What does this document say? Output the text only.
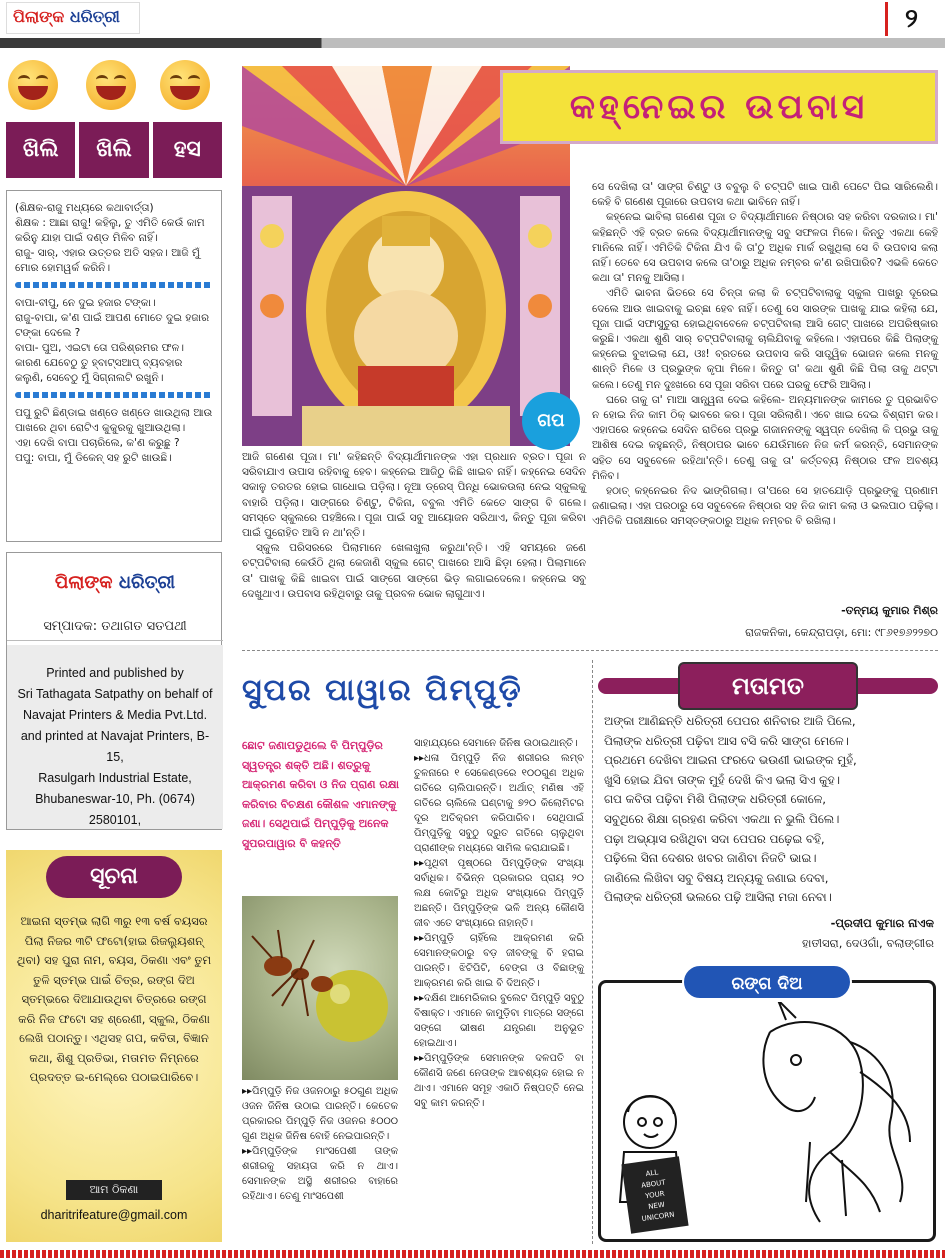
ପିଲାଙ୍କ ଧରିତ୍ରୀ	୨
ଖିଲି	ଖିଲି	ହସ

(ଶିକ୍ଷକ-ରାଜୁ ମଧ୍ୟରେ କଥାବାର୍ତ୍ତା)

ଶିକ୍ଷକ : ଆଛା ରାଜୁ! କହିଲୁ, ତୁ ଏମିତି କେଉଁ କାମ କରିନୁ ଯାହା ପାଇଁ ଦଣ୍ଡ ମିଳିବ ନାହିଁ।

ରାଜୁ- ସାର୍, ଏହାର ଉତ୍ତର ଅତି ସହଜ। ଆଜି ମୁଁ ମୋର ହୋମୱର୍କ କରିନି।

ବାପା-ବୀପୁ, ନେ ଦୁଇ ହଜାର ଟଙ୍କା।

ରାଜୁ-ବାପା, କ'ଣ ପାଇଁ ଆପଣ ମୋତେ ଦୁଇ ହଜାର ଟଙ୍କା ଦେଲେ ?

ବାପା- ପୁଅ, ଏଇଟା ତୋ ପରିଶ୍ରମର ଫଳ। କାରଣ ଯେବେଠୁ ତୁ ହ୍ବାଟ୍‌ସଆପ୍ ବ୍ୟବହାର କଲୁଣି, ସେବେଠୁ ମୁଁ ସିଗ୍ନାଲଟି ରଖୁନି।

ପପୁ ରୁଟି ଛିଣ୍ଡାଇ ଖଣ୍ଡେ ଖଣ୍ଡେ ଖାଉଥିଲା ଆଉ ପାଖରେ ଥିବା ରୋଟିଏ କୁକୁରକୁ ଖୁଆଉଥିଲା।

ଏହା ଦେଖି ବାପା ପଚାରିଲେ, କ'ଣ କରୁଛୁ ?

ପପୁ: ବାପା, ମୁଁ ଡିକେନ୍ ସହ ରୁଟି ଖାଉଛି।

ପିଲାଙ୍କ ଧରିତ୍ରୀ
ସମ୍ପାଦକ: ତଥାଗତ ସତପଥୀ
Printed and published by
Sri Tathagata Satpathy on behalf of
Navajat Printers & Media Pvt.Ltd.
and printed at Navajat Printers, B-15,
Rasulgarh Industrial Estate,
Bhubaneswar-10, Ph. (0674) 2580101,
ସୂଚନା
ଆଇନା ସ୍ତମ୍ଭ ଲାଗି ୩ରୁ ୧୩ ବର୍ଷ ବୟସର ପିଲା ନିଜର ୩ଟି ଫଟୋ(ହାଇ ରିଜଲ୍ୟୁଶନ୍ ଥିବା) ସହ ପୁରା ନାମ, ବୟସ, ଠିକଣା ଏବଂ ତୁମ ତୁଳି ସ୍ତମ୍ଭ ପାଇଁ ଚିତ୍ର, ରଙ୍ଗ ଦିଅ ସ୍ତମ୍ଭରେ ଦିଆଯାଉଥିବା ଚିତ୍ରରେ ରଙ୍ଗ କରି ନିଜ ଫଟୋ ସହ ଶ୍ରେଣୀ, ସ୍କୁଲ, ଠିକଣା ଲେଖି ପଠାନ୍ତୁ। ଏଥିସହ ଗପ, କବିତା, ବିଜ୍ଞାନ କଥା, ଶିଶୁ ପ୍ରତିଭା, ମତାମତ ନିମ୍ନରେ ପ୍ରଦତ୍ତ ଇ-ମେଲ୍‌ରେ ପଠାଇପାରିବେ।
ଆମ ଠିକଣା
dharitrifeature@gmail.com
କହ୍ନେଇର ଉପବାସ
ଗପ

ଆଜି ଗଣେଶ ପୂଜା। ମା' କହିଛନ୍ତି ବିଦ୍ୟାର୍ଥୀମାନଙ୍କ ଏହା ପ୍ରଧାନ ବ୍ରତ। ପୂଜା ନ ସରିବାଯାଏ ଉପାସ ରହିବାକୁ ହେବ। କହ୍ନେଇ ଆଜିଠୁ କିଛି ଖାଇବ ନାହିଁ। କହ୍ନେଇ ସେଦିନ ସକାଳୁ ତରତର ହୋଇ ଗାଧୋଇ ପଡ଼ିଲା। ନୂଆ ଡ୍ରେସ୍ ପିନ୍ଧି ଭୋକଉଲା ନେଇ ସ୍କୁଲକୁ ବାହାରି ପଡ଼ିଲା। ସାଙ୍ଗରେ ଚିଣ୍ଟୁ, ଟିକିନା, ବବୁଲ ଏମିତି କେତେ ସାଙ୍ଗ ବି ଗଲେ। ସମସ୍ତେ ସ୍କୁଲରେ ପହଞ୍ଚିଲେ। ପୂଜା ପାଇଁ ସବୁ ଆୟୋଜନ ସରିଥାଏ, କିନ୍ତୁ ପୂଜା କରିବା ପାଇଁ ପୁରୋହିତ ଆସି ନ ଥା'ନ୍ତି।

ସ୍କୁଲ ପରିସରରେ ପିଲାମାନେ ଖେଳାଖୁଲା କରୁଥା'ନ୍ତି। ଏହି ସମୟରେ ଜଣେ ଚଟ୍‌ପଟିବାଲା କେଉଁଠି ଥିଲା କେଜାଣି ସ୍କୁଲ ଗେଟ୍ ପାଖରେ ଆସି ଛିଡ଼ା ହେଲା। ପିଲାମାନେ ତା' ପାଖକୁ କିଛି ଖାଇବା ପାଇଁ ସାଙ୍ଗେ ସାଙ୍ଗେ ଭିଡ଼ ଲଗାଇଦେଲେ। କହ୍ନେଇ ସବୁ ଦେଖୁଥାଏ। ଉପବାସ ରହିଥିବାରୁ ତାକୁ ପ୍ରବଳ ଭୋକ ଲାଗୁଥାଏ।

ସେ ଦେଖିଲା ତା' ସାଙ୍ଗ ଚିଣ୍ଟୁ ଓ ବବୁଲୁ ବି ଚଟ୍‌ପଟି ଖାଇ ପାଣି ପେଟେ ପିଇ ସାରିଲେଣି। କେହି ବି ଗଣେଶ ପୂଜାରେ ଉପବାସ କଥା ଭାବିନେ ନାହିଁ।

କହ୍ନେଇ ଭାବିଲା ଗଣେଶ ପୂଜା ତ ବିଦ୍ୟାର୍ଥୀମାନେ ନିଷ୍ଠାର ସହ କରିବା ଦରକାର। ମା' କହିଛନ୍ତି ଏହି ବ୍ରତ କଲେ ବିଦ୍ୟାର୍ଥୀମାନଙ୍କୁ ସବୁ ସଫଳତା ମିଳେ। କିନ୍ତୁ ଏକଥା କେହି ମାନିଲେ ନାହିଁ। ଏମିତିକି ଟିକିନା ଯିଏ କି ତା'ଠୁ ଅଧିକ ମାର୍କ ରଖୁଥିଲା ସେ ବି ଉପବାସ କଲା ନାହିଁ। ତେବେ ସେ ଉପବାସ କଲେ ତା'ଠାରୁ ଅଧିକ ନମ୍ବର କ'ଣ ରଖିପାରିବ? ଏଭଳି କେତେ କଥା ତା' ମନକୁ ଆସିଲା।

ଏମିତି ଭାବନା ଭିତରେ ସେ ଚିନ୍ତା କଲା କି ଚଟ୍‌ପଟିବାଲାକୁ ସ୍କୁଲ ପାଖରୁ ଦୂରେଇ ଦେଲେ ଆଉ ଖାଇବାକୁ ଇଚ୍ଛା ହେବ ନାହିଁ। ତେଣୁ ସେ ସାରଙ୍କ ପାଖକୁ ଯାଇ କହିଲା ଯେ, ପୂଜା ପାଇଁ ସଫାସୁତୁରା ହୋଇଥିବାବେଳେ ଚଟ୍‌ପଟିବାଲା ଆସି ଗେଟ୍ ପାଖରେ ଅପରିଷ୍କାର କରୁଛି। ଏକଥା ଶୁଣି ସାର୍ ଚଟ୍‌ପଟିବାଲାକୁ ଚାଲିଯିବାକୁ କହିଲେ। ଏହାପରେ କିଛି ପିଲାଙ୍କୁ କହ୍ନେଇ ବୁଝାଇଲା ଯେ, ଓଃ! ବ୍ରତରେ ଉପବାସ କରି ସାତ୍ତ୍ୱିକ ଭୋଜନ କଲେ ମନକୁ ଶାନ୍ତି ମିଳେ ଓ ପ୍ରଭୁଙ୍କ କୃପା ମିଳେ। କିନ୍ତୁ ତା' କଥା ଶୁଣି କିଛି ପିଲା ତାକୁ ଥଟ୍ଟା କଲେ। ତେଣୁ ମନ ଦୁଃଖରେ ସେ ପୂଜା ସରିବା ପରେ ଘରକୁ ଫେରି ଆସିଲା।

ଘରେ ତାକୁ ତା' ମାଆ ସାନ୍ତ୍ୱନା ଦେଇ କହିଲେ- ଅନ୍ୟମାନଙ୍କ କାମରେ ତୁ ପ୍ରଭାବିତ ନ ହୋଇ ନିଜ କାମ ଠିକ୍ ଭାବରେ କର। ପୂଜା ସରିଲାଣି। ଏବେ ଖାଇ ଦେଇ ବିଶ୍ରାମ କର। ଏହାପରେ କହ୍ନେଇ ସେଦିନ ରାତିରେ ପ୍ରଭୁ ଗଜାନନଙ୍କୁ ସ୍ୱପ୍ନ ଦେଖିଲା କି ପ୍ରଭୁ ତାକୁ ଆଶିଷ ଦେଇ କହୁଛନ୍ତି, ନିଷ୍ଠାପର ଭାବେ ଯେଉଁମାନେ ନିଜ କର୍ମ କରନ୍ତି, ସେମାନଙ୍କ ସହିତ ସେ ସବୁବେଳେ ରହିଥା'ନ୍ତି। ତେଣୁ ତାକୁ ତା' କର୍ତ୍ତବ୍ୟ ନିଷ୍ଠାର ଫଳ ଅବଶ୍ୟ ମିଳିବ।

ହଠାତ୍ କହ୍ନେଇର ନିଦ ଭାଙ୍ଗିଗଲା। ତା'ପରେ ସେ ହାତଯୋଡ଼ି ପ୍ରଭୁଙ୍କୁ ପ୍ରଣାମ ଜଣାଇଲା। ଏହା ପରଠାରୁ ସେ ସବୁବେଳେ ନିଷ୍ଠାର ସହ ନିଜ କାମ କଲା ଓ ଭଲପାଠ ପଢ଼ିଲା। ଏମିତିକି ପରୀକ୍ଷାରେ ସମସ୍ତଙ୍କଠାରୁ ଅଧିକ ନମ୍ବର ବି ରଖିଲା।

-ତନ୍ମୟ କୁମାର ମିଶ୍ର
ରାଜକନିକା, କେନ୍ଦ୍ରାପଡ଼ା, ମୋ: ୯୮୬୧୭୬୨୨୭୦
ସୁପର ପାୱାର ପିମ୍ପୁଡ଼ି
ଛୋଟ ଜଣାପଡୁଥିଲେ ବି ପିମ୍ପୁଡ଼ିର ସ୍ୱତନ୍ତ୍ର ଶକ୍ତି ଅଛି। ଶତ୍ରୁକୁ ଆକ୍ରମଣ କରିବା ଓ ନିଜ ପ୍ରାଣ ରକ୍ଷା କରିବାର ବିଚକ୍ଷଣ କୌଶଳ ଏମାନଙ୍କୁ ଜଣା। ସେଥିପାଇଁ ପିମ୍ପୁଡ଼ିକୁ ଅନେକ ସୁପରପାୱାର ବି କହନ୍ତି

▸▸ପିମ୍ପୁଡ଼ି ନିଜ ଓଜନଠାରୁ ୫୦ଗୁଣ ଅଧିକ ଓଜନ ଜିନିଷ ଉଠାଇ ପାରନ୍ତି। କେତେକ ପ୍ରକାରର ପିମ୍ପୁଡ଼ି ନିଜ ଓଜନର ୫୦୦୦ ଗୁଣ ଅଧିକ ଜିନିଷ ବୋହି ନେଇପାରନ୍ତି।

▸▸ପିମ୍ପୁଡ଼ିଙ୍କ ମାଂସପେଶୀ ତାଙ୍କ ଶରୀରକୁ ସହାୟତା କରି ନ ଥାଏ। ସେମାନଙ୍କ ଅସ୍ଥି ଶରୀରର ବାହାରେ ରହିଥାଏ। ତେଣୁ ମାଂସପେଶୀ

ସାହାଯ୍ୟରେ ସେମାନେ ଜିନିଷ ଉଠାଇଥାନ୍ତି।

▸▸ଧଳା ପିମ୍ପୁଡ଼ି ନିଜ ଶରୀରର ଲମ୍ବ ତୁଳନାରେ ୧ ସେକେଣ୍ଡରେ ୧୦୦ଗୁଣ ଅଧିକ ଗତିରେ ଚାଲିପାରନ୍ତି। ଅର୍ଥାତ୍ ମଣିଷ ଏହି ଗତିରେ ଚାଲିଲେ ଘଣ୍ଟାକୁ ୭୨୦ କିଲୋମିଟର ଦୂର ଅତିକ୍ରମ କରିପାରିବ। ସେଥିପାଇଁ ପିମ୍ପୁଡ଼ିକୁ ସବୁଠୁ ଦ୍ରୁତ ଗତିରେ ଚାଲୁଥିବା ପ୍ରାଣୀଙ୍କ ମଧ୍ୟରେ ସାମିଲ କରାଯାଇଛି।

▸▸ପୃଥିବୀ ପୃଷ୍ଠରେ ପିମ୍ପୁଡ଼ିଙ୍କ ସଂଖ୍ୟା ସର୍ବାଧିକ। ବିଭିନ୍ନ ପ୍ରକାରର ପ୍ରାୟ ୨୦ ଲକ୍ଷ କୋଟିରୁ ଅଧିକ ସଂଖ୍ୟାରେ ପିମ୍ପୁଡ଼ି ଅଛନ୍ତି। ପିମ୍ପୁଡ଼ିଙ୍କ ଭଳି ଅନ୍ୟ କୌଣସି ଜୀବ ଏତେ ସଂଖ୍ୟାରେ ନାହାନ୍ତି।

▸▸ପିମ୍ପୁଡ଼ି ଚାହିଁଲେ ଆକ୍ରମଣ କରି ସେମାନଙ୍କଠାରୁ ବଡ଼ ଜୀବଙ୍କୁ ବି ହରାଇ ପାରନ୍ତି। ଝିଟିପିଟି, ବେଙ୍ଗ ଓ ବିଛାଙ୍କୁ ଆକ୍ରମଣ କରି ଖାଇ ବି ଦିଅନ୍ତି।

▸▸ଦକ୍ଷିଣ ଆମେରିକାର ବୁଲେଟ ପିମ୍ପୁଡ଼ି ସବୁଠୁ ବିଷାକ୍ତ। ଏମାନେ କାମୁଡ଼ିବା ମାତ୍ରେ ସଙ୍ଗେ ସଙ୍ଗେ ଭୀଷଣ ଯନ୍ତ୍ରଣା ଅନୁଭୂତ ହୋଇଥାଏ।

▸▸ପିମ୍ପୁଡ଼ିଙ୍କ ସେମାନଙ୍କ ଦଳପତି ବା କୌଣସି ଜଣେ ନେତାଙ୍କ ଆବଶ୍ୟକ ହୋଇ ନ ଥାଏ। ଏମାନେ ସମୂହ ଏକାଠି ନିଷ୍ପତ୍ତି ନେଇ ସବୁ କାମ କରନ୍ତି।

ମତାମତ
ଅଙ୍କା ଆଣିଛନ୍ତି ଧରିତ୍ରୀ ପେପର ଶନିବାର ଆଜି ପିଲେ,
ପିଲାଙ୍କ ଧରିତ୍ରୀ ପଢ଼ିବା ଆସ ବସି କରି ସାଙ୍ଗ ମେଳେ।
ପ୍ରଥମେ ଦେଖିବା ଆଇନା ଫରଦେ ଭଉଣୀ ଭାଇଙ୍କ ମୁହଁ,
ଖୁସି ହୋଇ ଯିବା ତାଙ୍କ ମୁହଁ ଦେଖି କିଏ ଭଲା ସିଏ କୁହ।
ଗପ କବିତା ପଢ଼ିବା ମିଶି ପିଲାଙ୍କ ଧରିତ୍ରୀ କୋଳେ,
ସବୁଥିରେ ଶିକ୍ଷା ଗ୍ରହଣ କରିବା ଏକଥା ନ ଭୁଲି ପିଲେ।
ପଢ଼ା ଅଭ୍ୟାସ ରଖିଥିବା ସଦା ପେପର ପଢ଼େଇ ବହି,
ପଢ଼ିଲେ ସିନା ଦେଶର ଖବର ଜାଣିବା ନିଜଟି ଭାଇ।
ଜାଣିଲେ ଲିଖିବା ସବୁ ବିଷୟ ଅନ୍ୟକୁ ଜଣାଇ ଦେବା,
ପିଲାଙ୍କ ଧରିତ୍ରୀ ଭଲରେ ପଢ଼ି ଆସିଲା ମଜା ନେବା।
-ପ୍ରଦୀପ କୁମାର ନାଏକ
ହାତୀସରା, ଦେଓଗାଁ, ବଲାଙ୍ଗୀର
ରଙ୍ଗ ଦିଅ
ALL
ABOUT
YOUR
NEW
UNICORN
